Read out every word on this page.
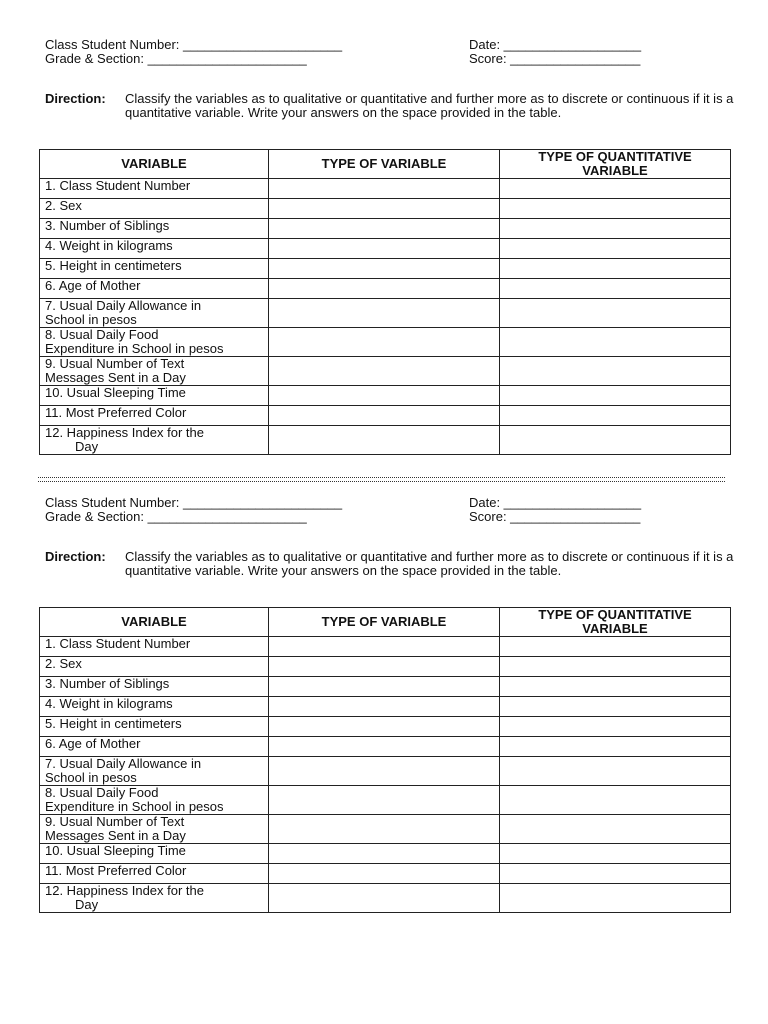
Class Student Number: ______________________
Grade & Section: ______________________
Date: ___________________
Score: __________________
Direction: Classify the variables as to qualitative or quantitative and further more as to discrete or continuous if it is a quantitative variable. Write your answers on the space provided in the table.
VARIABLE	TYPE OF VARIABLE	TYPE OF QUANTITATIVE VARIABLE
1. Class Student Number		
2. Sex		
3. Number of Siblings		
4. Weight in kilograms		
5. Height in centimeters		
6. Age of Mother		
7. Usual Daily Allowance in
School in pesos		

8. Usual Daily Food
Expenditure in School in pesos		

9. Usual Number of Text
Messages Sent in a Day		

10. Usual Sleeping Time		
11. Most Preferred Color		
12. Happiness Index for the
Day		

Class Student Number: ______________________
Grade & Section: ______________________
Date: ___________________
Score: __________________
Direction: Classify the variables as to qualitative or quantitative and further more as to discrete or continuous if it is a quantitative variable. Write your answers on the space provided in the table.
VARIABLE	TYPE OF VARIABLE	TYPE OF QUANTITATIVE VARIABLE
1. Class Student Number		
2. Sex		
3. Number of Siblings		
4. Weight in kilograms		
5. Height in centimeters		
6. Age of Mother		
7. Usual Daily Allowance in
School in pesos		

8. Usual Daily Food
Expenditure in School in pesos		

9. Usual Number of Text
Messages Sent in a Day		

10. Usual Sleeping Time		
11. Most Preferred Color		
12. Happiness Index for the
Day		
